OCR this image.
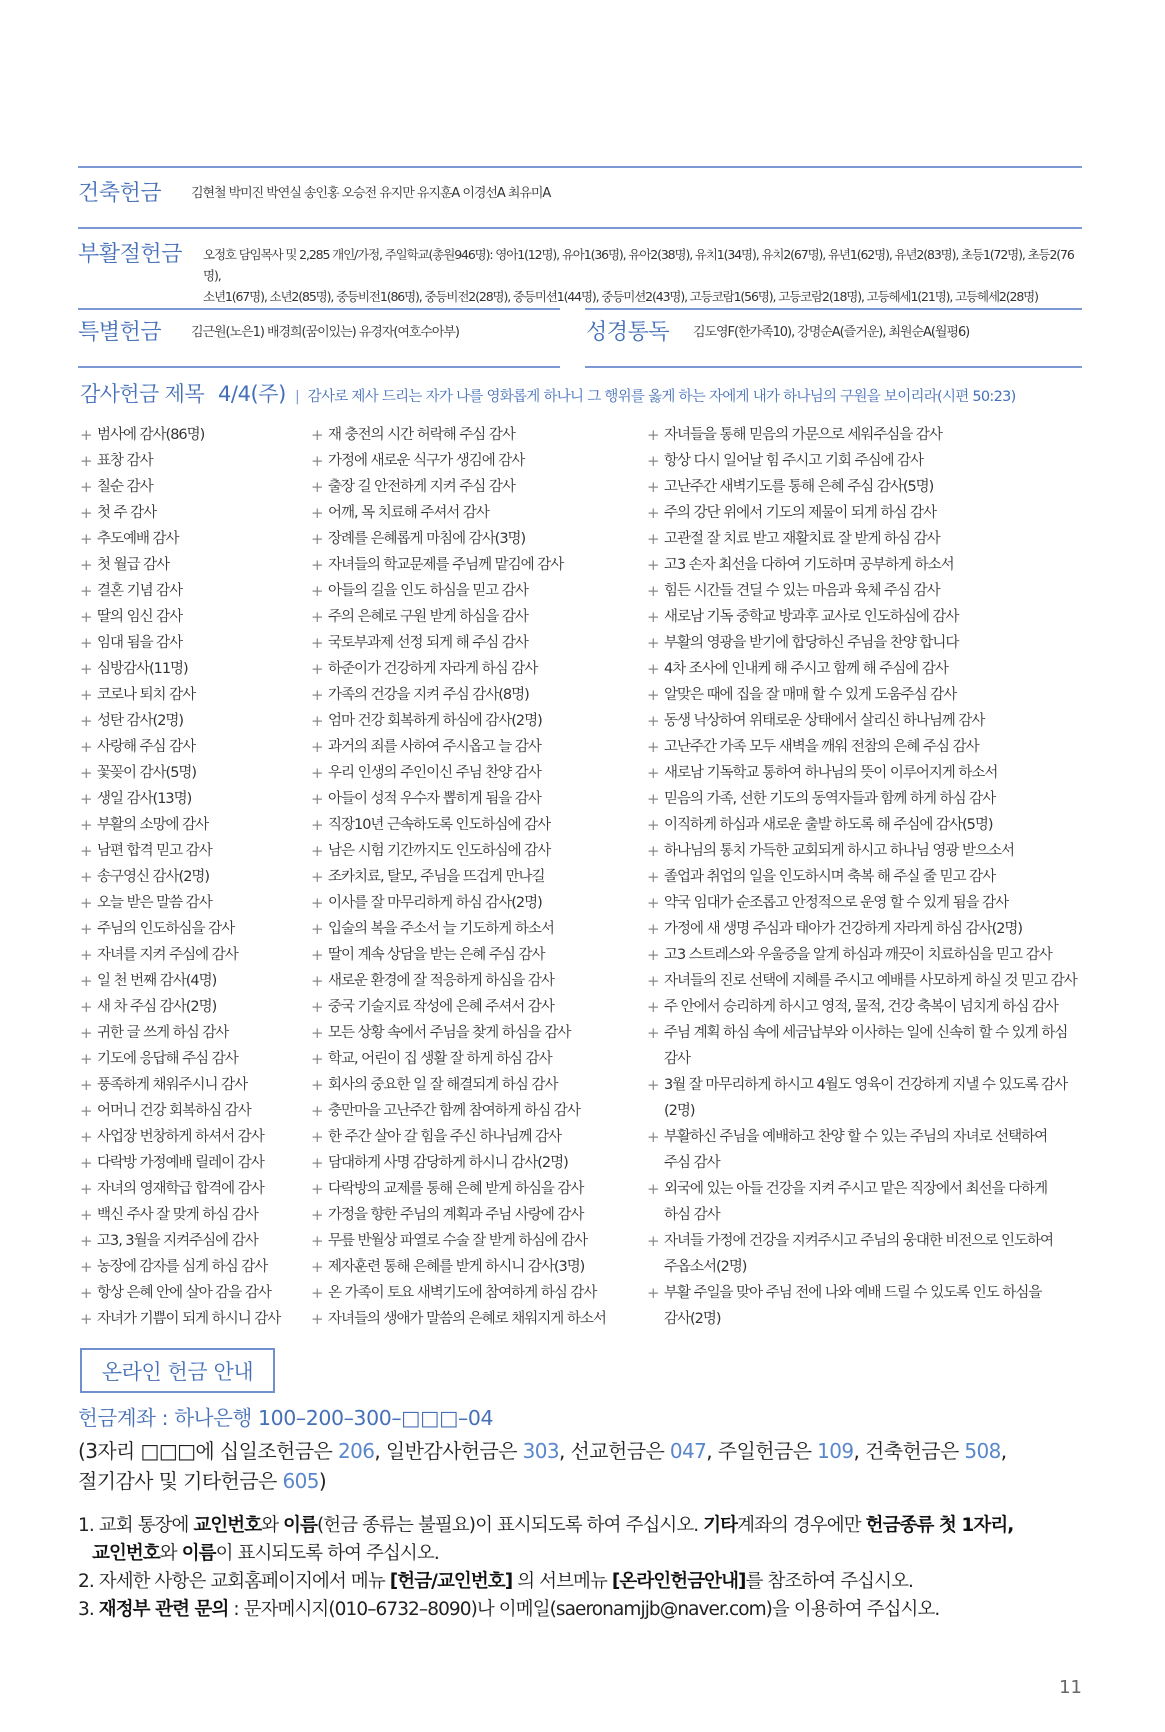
건축헌금 김현철 박미진 박연실 송인홍 오승전 유지만 유지훈A 이경선A 최유미A
부활절헌금 오정호 담임목사 및 2,285 개인/가정, 주일학교(총원946명): 영아1(12명), 유아1(36명), 유아2(38명), 유치1(34명), 유치2(67명), 유년1(62명), 유년2(83명), 초등1(72명), 초등2(76명),
소년1(67명), 소년2(85명), 중등비전1(86명), 중등비전2(28명), 중등미션1(44명), 중등미션2(43명), 고등코람1(56명), 고등코람2(18명), 고등헤세1(21명), 고등헤세2(28명)
특별헌금 김근원(노은1) 배경희(꿈이있는) 유경자(여호수아부)	성경통독 김도영F(한가족10), 강명순A(즐거운), 최원순A(월평6)
감사헌금 제목 4/4(주) | 감사로 제사 드리는 자가 나를 영화롭게 하나니 그 행위를 옳게 하는 자에게 내가 하나님의 구원을 보이리라(시편 50:23)
+ 범사에 감사(86명)
+ 표창 감사
+ 칠순 감사
+ 첫 주 감사
+ 추도예배 감사
+ 첫 월급 감사
+ 결혼 기념 감사
+ 딸의 임신 감사
+ 임대 됨을 감사
+ 심방감사(11명)
+ 코로나 퇴치 감사
+ 성탄 감사(2명)
+ 사랑해 주심 감사
+ 꽃꽂이 감사(5명)
+ 생일 감사(13명)
+ 부활의 소망에 감사
+ 남편 합격 믿고 감사
+ 송구영신 감사(2명)
+ 오늘 받은 말씀 감사
+ 주님의 인도하심을 감사
+ 자녀를 지켜 주심에 감사
+ 일 천 번째 감사(4명)
+ 새 차 주심 감사(2명)
+ 귀한 글 쓰게 하심 감사
+ 기도에 응답해 주심 감사
+ 풍족하게 채워주시니 감사
+ 어머니 건강 회복하심 감사
+ 사업장 번창하게 하셔서 감사
+ 다락방 가정예배 릴레이 감사
+ 자녀의 영재학급 합격에 감사
+ 백신 주사 잘 맞게 하심 감사
+ 고3, 3월을 지켜주심에 감사
+ 농장에 감자를 심게 하심 감사
+ 항상 은혜 안에 살아 감을 감사
+ 자녀가 기쁨이 되게 하시니 감사
+ 재 충전의 시간 허락해 주심 감사
+ 가정에 새로운 식구가 생김에 감사
+ 출장 길 안전하게 지켜 주심 감사
+ 어깨, 목 치료해 주셔서 감사
+ 장례를 은혜롭게 마침에 감사(3명)
+ 자녀들의 학교문제를 주님께 맡김에 감사
+ 아들의 길을 인도 하심을 믿고 감사
+ 주의 은혜로 구원 받게 하심을 감사
+ 국토부과제 선정 되게 해 주심 감사
+ 하준이가 건강하게 자라게 하심 감사
+ 가족의 건강을 지켜 주심 감사(8명)
+ 엄마 건강 회복하게 하심에 감사(2명)
+ 과거의 죄를 사하여 주시옵고 늘 감사
+ 우리 인생의 주인이신 주님 찬양 감사
+ 아들이 성적 우수자 뽑히게 됨을 감사
+ 직장10년 근속하도록 인도하심에 감사
+ 남은 시험 기간까지도 인도하심에 감사
+ 조카치료, 탈모, 주님을 뜨겁게 만나길
+ 이사를 잘 마무리하게 하심 감사(2명)
+ 입술의 복을 주소서 늘 기도하게 하소서
+ 딸이 계속 상담을 받는 은혜 주심 감사
+ 새로운 환경에 잘 적응하게 하심을 감사
+ 중국 기술지료 작성에 은혜 주셔서 감사
+ 모든 상황 속에서 주님을 찾게 하심을 감사
+ 학교, 어린이 집 생활 잘 하게 하심 감사
+ 회사의 중요한 일 잘 해결되게 하심 감사
+ 충만마을 고난주간 함께 참여하게 하심 감사
+ 한 주간 살아 갈 힘을 주신 하나님께 감사
+ 담대하게 사명 감당하게 하시니 감사(2명)
+ 다락방의 교제를 통해 은혜 받게 하심을 감사
+ 가정을 향한 주님의 계획과 주님 사랑에 감사
+ 무릎 반월상 파열로 수술 잘 받게 하심에 감사
+ 제자훈련 통해 은혜를 받게 하시니 감사(3명)
+ 온 가족이 토요 새벽기도에 참여하게 하심 감사
+ 자녀들의 생애가 말씀의 은혜로 채워지게 하소서
+ 자녀들을 통해 믿음의 가문으로 세워주심을 감사
+ 항상 다시 일어날 힘 주시고 기회 주심에 감사
+ 고난주간 새벽기도를 통해 은혜 주심 감사(5명)
+ 주의 강단 위에서 기도의 제물이 되게 하심 감사
+ 고관절 잘 치료 받고 재활치료 잘 받게 하심 감사
+ 고3 손자 최선을 다하여 기도하며 공부하게 하소서
+ 힘든 시간들 견딜 수 있는 마음과 육체 주심 감사
+ 새로남 기독 중학교 방과후 교사로 인도하심에 감사
+ 부활의 영광을 받기에 합당하신 주님을 찬양 합니다
+ 4차 조사에 인내케 해 주시고 함께 해 주심에 감사
+ 알맞은 때에 집을 잘 매매 할 수 있게 도움주심 감사
+ 동생 낙상하여 위태로운 상태에서 살리신 하나님께 감사
+ 고난주간 가족 모두 새벽을 깨워 전참의 은혜 주심 감사
+ 새로남 기독학교 통하여 하나님의 뜻이 이루어지게 하소서
+ 믿음의 가족, 선한 기도의 동역자들과 함께 하게 하심 감사
+ 이직하게 하심과 새로운 출발 하도록 해 주심에 감사(5명)
+ 하나님의 통치 가득한 교회되게 하시고 하나님 영광 받으소서
+ 졸업과 취업의 일을 인도하시며 축복 해 주실 줄 믿고 감사
+ 약국 임대가 순조롭고 안정적으로 운영 할 수 있게 됨을 감사
+ 가정에 새 생명 주심과 태아가 건강하게 자라게 하심 감사(2명)
+ 고3 스트레스와 우울증을 알게 하심과 깨끗이 치료하심을 믿고 감사
+ 자녀들의 진로 선택에 지혜를 주시고 예배를 사모하게 하실 것 믿고 감사
+ 주 안에서 승리하게 하시고 영적, 물적, 건강 축복이 넘치게 하심 감사
+ 주님 계획 하심 속에 세금납부와 이사하는 일에 신속히 할 수 있게 하심
감사
+ 3월 잘 마무리하게 하시고 4월도 영육이 건강하게 지낼 수 있도록 감사
(2명)
+ 부활하신 주님을 예배하고 찬양 할 수 있는 주님의 자녀로 선택하여
주심 감사
+ 외국에 있는 아들 건강을 지켜 주시고 맡은 직장에서 최선을 다하게
하심 감사
+ 자녀들 가정에 건강을 지켜주시고 주님의 웅대한 비전으로 인도하여
주옵소서(2명)
+ 부활 주일을 맞아 주님 전에 나와 예배 드릴 수 있도록 인도 하심을
감사(2명)
온라인 헌금 안내
헌금계좌 : 하나은행 100–200–300–□□□–04
(3자리 □□□에 십일조헌금은 206, 일반감사헌금은 303, 선교헌금은 047, 주일헌금은 109, 건축헌금은 508,
절기감사 및 기타헌금은 605)
1. 교회 통장에 교인번호와 이름(헌금 종류는 불필요)이 표시되도록 하여 주십시오. 기타계좌의 경우에만 헌금종류 첫 1자리,
교인번호와 이름이 표시되도록 하여 주십시오.
2. 자세한 사항은 교회홈페이지에서 메뉴 [헌금/교인번호] 의 서브메뉴 [온라인헌금안내]를 참조하여 주십시오.
3. 재정부 관련 문의 : 문자메시지(010–6732–8090)나 이메일(saeronamjjb@naver.com)을 이용하여 주십시오.
11
